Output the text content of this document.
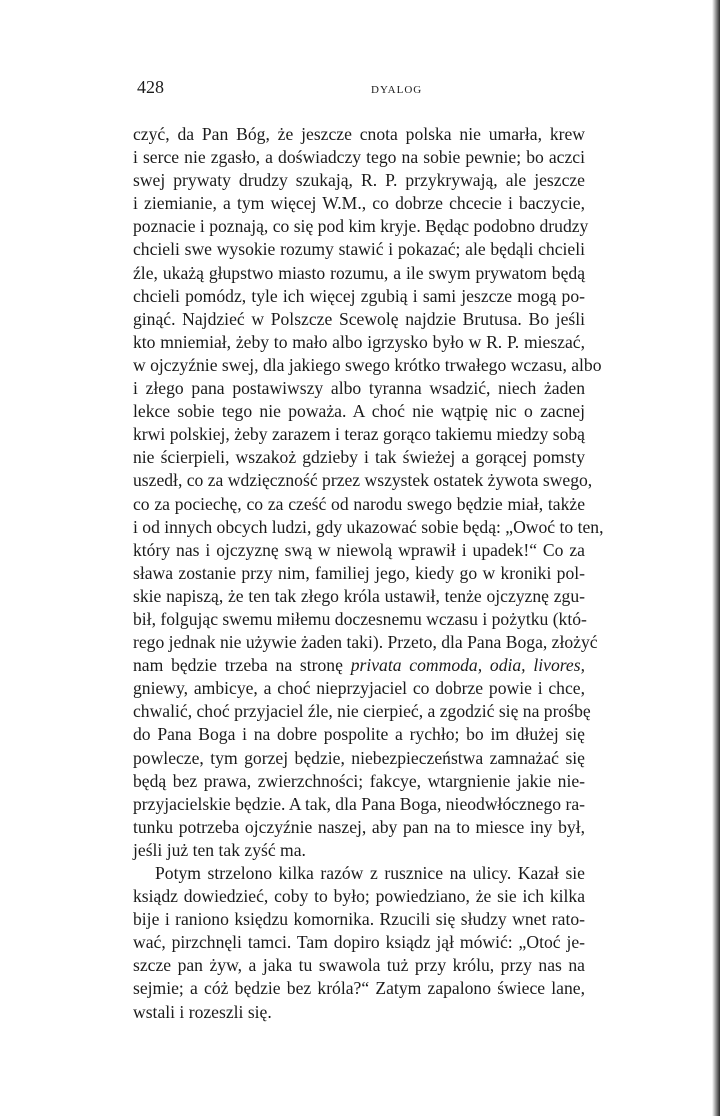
428	DYALOG
czyć, da Pan Bóg, że jeszcze cnota polska nie umarła, krew
i serce nie zgasło, a doświadczy tego na sobie pewnie; bo aczci
swej prywaty drudzy szukają, R. P. przykrywają, ale jeszcze
i ziemianie, a tym więcej W.M., co dobrze chcecie i baczycie,
poznacie i poznają, co się pod kim kryje. Będąc podobno drudzy
chcieli swe wysokie rozumy stawić i pokazać; ale będąli chcieli
źle, ukażą głupstwo miasto rozumu, a ile swym prywatom będą
chcieli pomódz, tyle ich więcej zgubią i sami jeszcze mogą po-
ginąć. Najdzieć w Polszcze Scewolę najdzie Brutusa. Bo jeśli
kto mniemiał, żeby to mało albo igrzysko było w R. P. mieszać,
w ojczyźnie swej, dla jakiego swego krótko trwałego wczasu, albo
i złego pana postawiwszy albo tyranna wsadzić, niech żaden
lekce sobie tego nie poważa. A choć nie wątpię nic o zacnej
krwi polskiej, żeby zarazem i teraz gorąco takiemu miedzy sobą
nie ścierpieli, wszakoż gdzieby i tak świeżej a gorącej pomsty
uszedł, co za wdzięczność przez wszystek ostatek żywota swego,
co za pociechę, co za cześć od narodu swego będzie miał, także
i od innych obcych ludzi, gdy ukazować sobie będą: „Owoć to ten,
który nas i ojczyznę swą w niewolą wprawił i upadek!“ Co za
sława zostanie przy nim, familiej jego, kiedy go w kroniki pol-
skie napiszą, że ten tak złego króla ustawił, tenże ojczyznę zgu-
bił, folgując swemu miłemu doczesnemu wczasu i pożytku (któ-
rego jednak nie używie żaden taki). Przeto, dla Pana Boga, złożyć
nam będzie trzeba na stronę privata commoda, odia, livores,
gniewy, ambicye, a choć nieprzyjaciel co dobrze powie i chce,
chwalić, choć przyjaciel źle, nie cierpieć, a zgodzić się na prośbę
do Pana Boga i na dobre pospolite a rychło; bo im dłużej się
powlecze, tym gorzej będzie, niebezpieczeństwa zamnażać się
będą bez prawa, zwierzchności; fakcye, wtargnienie jakie nie-
przyjacielskie będzie. A tak, dla Pana Boga, nieodwłócznego ra-
tunku potrzeba ojczyźnie naszej, aby pan na to miesce iny był,
jeśli już ten tak zyść ma.
Potym strzelono kilka razów z rusznice na ulicy. Kazał sie
ksiądz dowiedzieć, coby to było; powiedziano, że sie ich kilka
bije i raniono księdzu komornika. Rzucili się słudzy wnet rato-
wać, pirzchnęli tamci. Tam dopiro ksiądz jął mówić: „Otoć je-
szcze pan żyw, a jaka tu swawola tuż przy królu, przy nas na
sejmie; a cóż będzie bez króla?“ Zatym zapalono świece lane,
wstali i rozeszli się.
